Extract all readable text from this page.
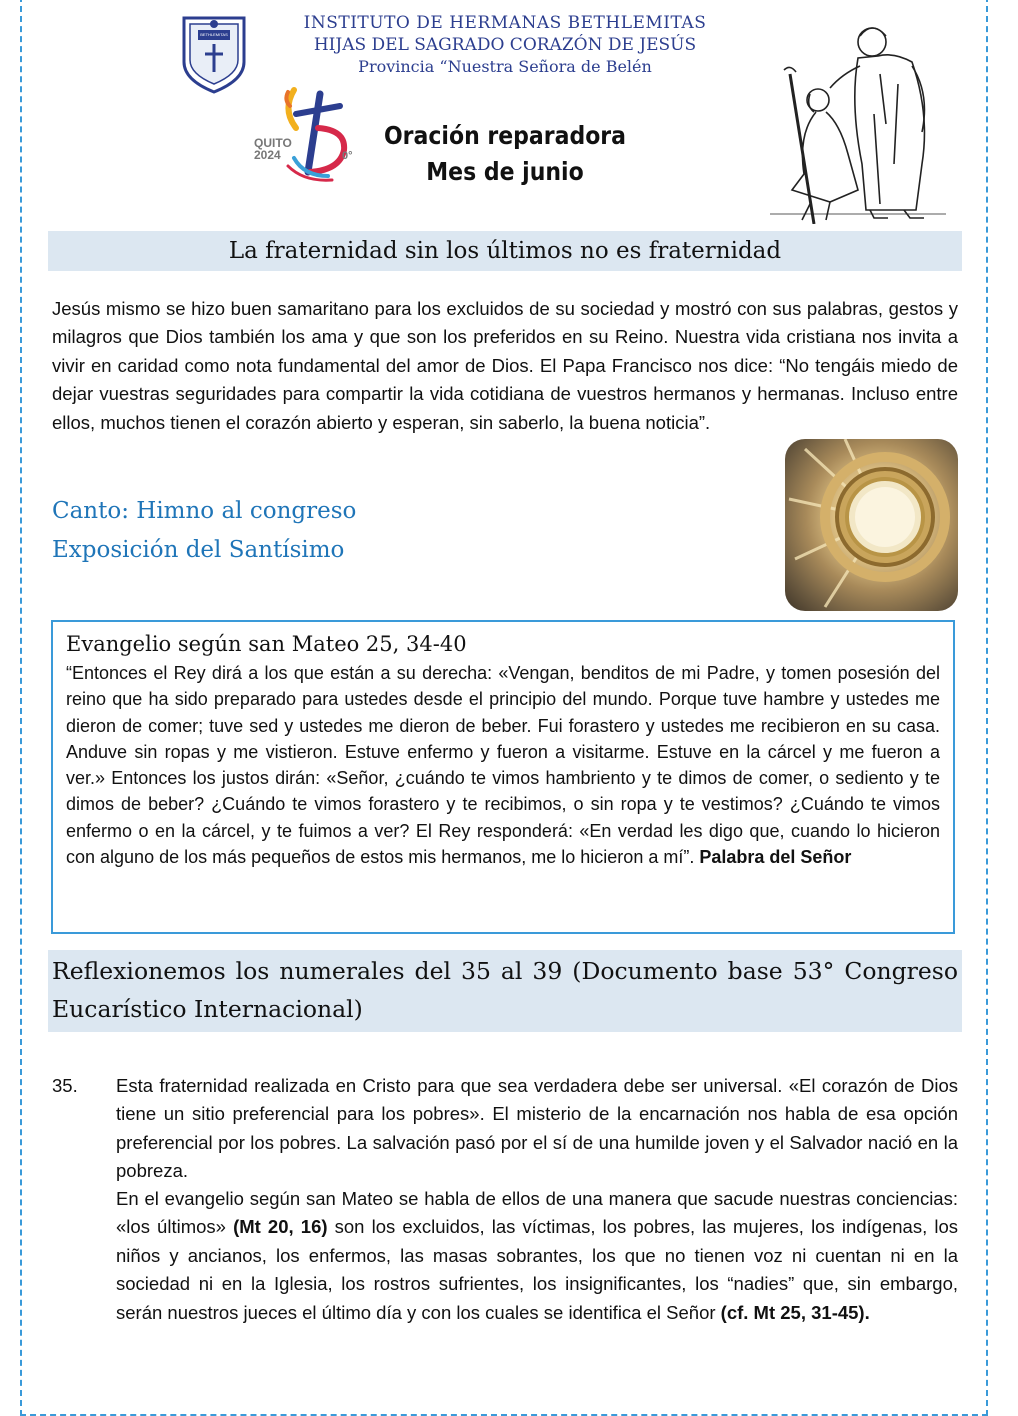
BETHLEMITAS
INSTITUTO DE HERMANAS BETHLEMITAS
HIJAS DEL SAGRADO CORAZÓN DE JESÚS
Provincia “Nuestra Señora de Belén
QUITO
2024	0°
Oración reparadora
Mes de junio
La fraternidad sin los últimos no es fraternidad
Jesús mismo se hizo buen samaritano para los excluidos de su sociedad y mostró con sus palabras, gestos y milagros que Dios también los ama y que son los preferidos en su Reino. Nuestra vida cristiana nos invita a vivir en caridad como nota fundamental del amor de Dios. El Papa Francisco nos dice: “No tengáis miedo de dejar vuestras seguridades para compartir la vida cotidiana de vuestros hermanos y hermanas. Incluso entre ellos, muchos tienen el corazón abierto y esperan, sin saberlo, la buena noticia”.
Canto: Himno al congreso
Exposición del Santísimo
Evangelio según san Mateo 25, 34-40

“Entonces el Rey dirá a los que están a su derecha: «Vengan, benditos de mi Padre, y tomen posesión del reino que ha sido preparado para ustedes desde el principio del mundo. Porque tuve hambre y ustedes me dieron de comer; tuve sed y ustedes me dieron de beber. Fui forastero y ustedes me recibieron en su casa. Anduve sin ropas y me vistieron. Estuve enfermo y fueron a visitarme. Estuve en la cárcel y me fueron a ver.» Entonces los justos dirán: «Señor, ¿cuándo te vimos hambriento y te dimos de comer, o sediento y te dimos de beber? ¿Cuándo te vimos forastero y te recibimos, o sin ropa y te vestimos? ¿Cuándo te vimos enfermo o en la cárcel, y te fuimos a ver? El Rey responderá: «En verdad les digo que, cuando lo hicieron con alguno de los más pequeños de estos mis hermanos, me lo hicieron a mí”. Palabra del Señor

Reflexionemos los numerales del 35 al 39 (Documento base 53° Congreso Eucarístico Internacional)
35. Esta fraternidad realizada en Cristo para que sea verdadera debe ser universal. «El corazón de Dios tiene un sitio preferencial para los pobres». El misterio de la encarnación nos habla de esa opción preferencial por los pobres. La salvación pasó por el sí de una humilde joven y el Salvador nació en la pobreza.
En el evangelio según san Mateo se habla de ellos de una manera que sacude nuestras conciencias: «los últimos» (Mt 20, 16) son los excluidos, las víctimas, los pobres, las mujeres, los indígenas, los niños y ancianos, los enfermos, las masas sobrantes, los que no tienen voz ni cuentan ni en la sociedad ni en la Iglesia, los rostros sufrientes, los insignificantes, los “nadies” que, sin embargo, serán nuestros jueces el último día y con los cuales se identifica el Señor (cf. Mt 25, 31-45).
